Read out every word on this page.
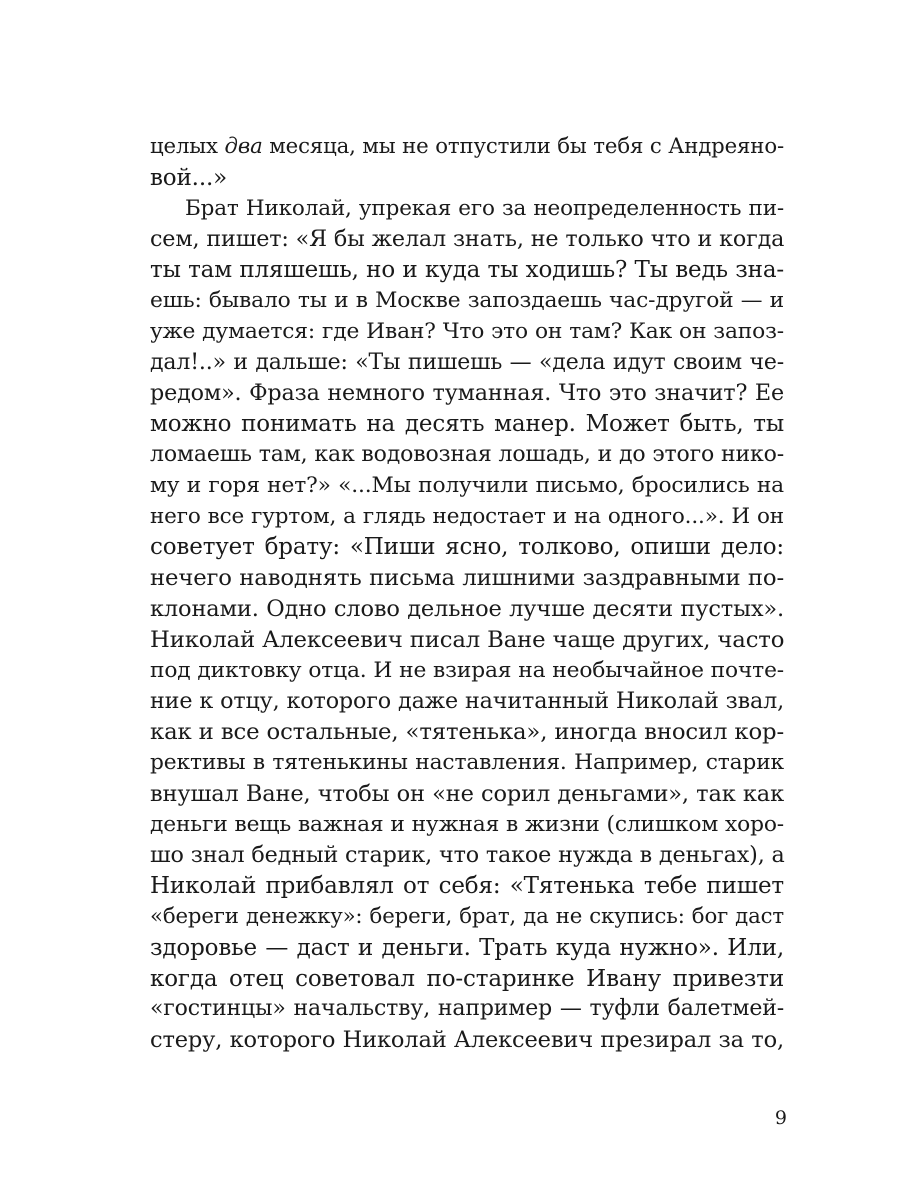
целых два месяца, мы не отпустили бы тебя с Андреяно-
вой...»
Брат Николай, упрекая его за неопределенность пи-
сем, пишет: «Я бы желал знать, не только что и когда
ты там пляшешь, но и куда ты ходишь? Ты ведь зна-
ешь: бывало ты и в Москве запоздаешь час-другой — и
уже думается: где Иван? Что это он там? Как он запоз-
дал!..» и дальше: «Ты пишешь — «дела идут своим че-
редом». Фраза немного туманная. Что это значит? Ее
можно понимать на десять манер. Может быть, ты
ломаешь там, как водовозная лошадь, и до этого нико-
му и горя нет?» «...Мы получили письмо, бросились на
него все гуртом, а глядь недостает и на одного...». И он
советует брату: «Пиши ясно, толково, опиши дело:
нечего наводнять письма лишними заздравными по-
клонами. Одно слово дельное лучше десяти пустых».
Николай Алексеевич писал Ване чаще других, часто
под диктовку отца. И не взирая на необычайное почте-
ние к отцу, которого даже начитанный Николай звал,
как и все остальные, «тятенька», иногда вносил кор-
рективы в тятенькины наставления. Например, старик
внушал Ване, чтобы он «не сорил деньгами», так как
деньги вещь важная и нужная в жизни (слишком хоро-
шо знал бедный старик, что такое нужда в деньгах), а
Николай прибавлял от себя: «Тятенька тебе пишет
«береги денежку»: береги, брат, да не скупись: бог даст
здоровье — даст и деньги. Трать куда нужно». Или,
когда отец советовал по-старинке Ивану привезти
«гостинцы» начальству, например — туфли балетмей-
стеру, которого Николай Алексеевич презирал за то,
9
